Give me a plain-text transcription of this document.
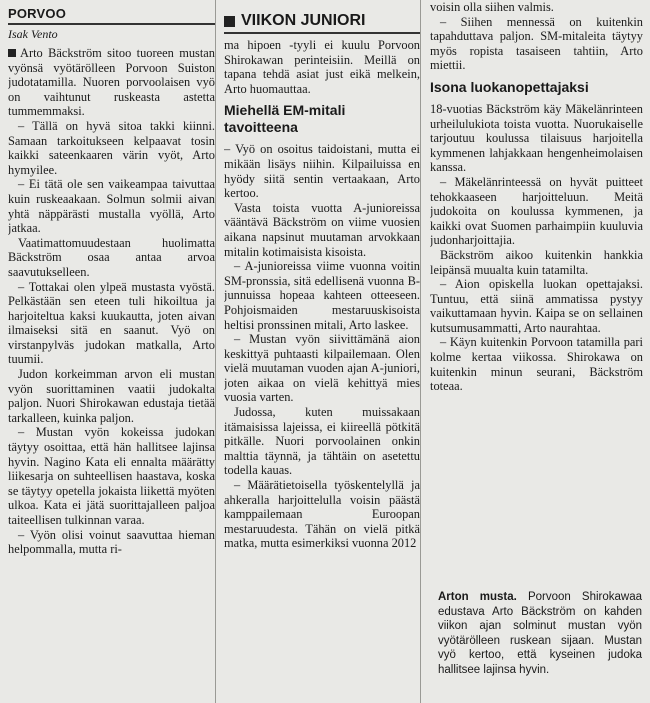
PORVOO
Isak Vento

Arto Bäckström sitoo tuoreen mustan vyönsä vyötärölleen Porvoon Suiston judotatamilla. Nuoren porvoolaisen vyö on vaihtunut ruskeasta astetta tummemmaksi.

– Tällä on hyvä sitoa takki kiinni. Samaan tarkoitukseen kelpaavat tosin kaikki sateenkaaren värin vyöt, Arto hymyilee.

– Ei tätä ole sen vaikeampaa taivuttaa kuin ruskeaakaan. Solmun solmii aivan yhtä näppärästi mustalla vyöllä, Arto jatkaa.

Vaatimattomuudestaan huolimatta Bäckström osaa antaa arvoa saavutukselleen.

– Tottakai olen ylpeä mustasta vyöstä. Pelkästään sen eteen tuli hikoiltua ja harjoiteltua kaksi kuukautta, joten aivan ilmaiseksi sitä en saanut. Vyö on virstanpylväs judokan matkalla, Arto tuumii.

Judon korkeimman arvon eli mustan vyön suorittaminen vaatii judokalta paljon. Nuori Shirokawan edustaja tietää tarkalleen, kuinka paljon.

– Mustan vyön kokeissa judokan täytyy osoittaa, että hän hallitsee lajinsa hyvin. Nagino Kata eli ennalta määrätty liikesarja on suhteellisen haastava, koska se täytyy opetella jokaista liikettä myöten ulkoa. Kata ei jätä suorittajalleen paljoa taiteellisen tulkinnan varaa.

– Vyön olisi voinut saavuttaa hieman helpommalla, mutta ri-

VIIKON JUNIORI

ma hipoen -tyyli ei kuulu Porvoon Shirokawan perinteisiin. Meillä on tapana tehdä asiat just eikä melkein, Arto huomauttaa.

Miehellä EM-mitali tavoitteena

– Vyö on osoitus taidoistani, mutta ei mikään lisäys niihin. Kilpailuissa en hyödy siitä sentin vertaakaan, Arto kertoo.

Vasta toista vuotta A-junioreissa vääntävä Bäckström on viime vuosien aikana napsinut muutaman arvokkaan mitalin kotimaisista kisoista.

– A-junioreissa viime vuonna voitin SM-pronssia, sitä edellisenä vuonna B-junnuissa hopeaa kahteen otteeseen. Pohjoismaiden mestaruuskisoista heltisi pronssinen mitali, Arto laskee.

– Mustan vyön siivittämänä aion keskittyä puhtaasti kilpailemaan. Olen vielä muutaman vuoden ajan A-juniori, joten aikaa on vielä kehittyä mies vuosia varten.

Judossa, kuten muissakaan itämaisissa lajeissa, ei kiireellä pötkitä pitkälle. Nuori porvoolainen onkin malttia täynnä, ja tähtäin on asetettu todella kauas.

– Määrätietoisella työskentelyllä ja ahkeralla harjoittelulla voisin päästä kamppailemaan Euroopan mestaruudesta. Tähän on vielä pitkä matka, mutta esimerkiksi vuonna 2012

voisin olla siihen valmis.

– Siihen mennessä on kuitenkin tapahduttava paljon. SM-mitaleita täytyy myös ropista tasaiseen tahtiin, Arto miettii.

Isona luokanopettajaksi

18-vuotias Bäckström käy Mäkelänrinteen urheilulukiota toista vuotta. Nuorukaiselle tarjoutuu koulussa tilaisuus harjoitella kymmenen lahjakkaan hengenheimolaisen kanssa.

– Mäkelänrinteessä on hyvät puitteet tehokkaaseen harjoitteluun. Meitä judokoita on koulussa kymmenen, ja kaikki ovat Suomen parhaimpiin kuuluvia judonharjoittajia.

Bäckström aikoo kuitenkin hankkia leipänsä muualta kuin tatamilta.

– Aion opiskella luokan opettajaksi. Tuntuu, että siinä ammatissa pystyy vaikuttamaan hyvin. Kaipa se on sellainen kutsumusammatti, Arto naurahtaa.

– Käyn kuitenkin Porvoon tatamilla pari kolme kertaa viikossa. Shirokawa on kuitenkin minun seurani, Bäckström toteaa.

Arton musta. Porvoon Shirokawaa edustava Arto Bäckström on kahden viikon ajan solminut mustan vyön vyötärölleen ruskean sijaan. Mustan vyö kertoo, että kyseinen judoka hallitsee lajinsa hyvin.
